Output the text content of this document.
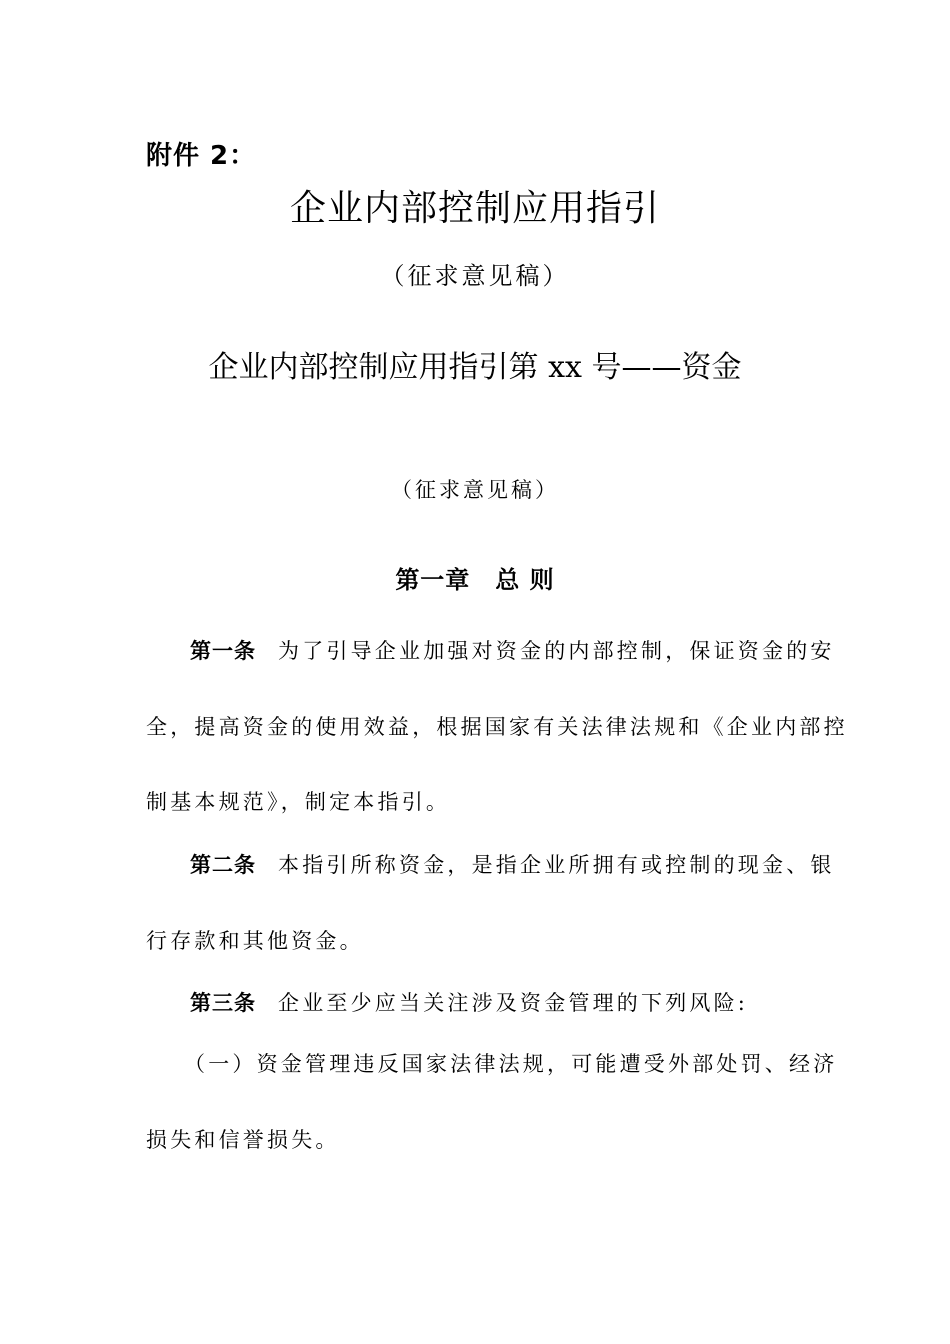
附件 2：
企业内部控制应用指引
（征求意见稿）
企业内部控制应用指引第 xx 号——资金
（征求意见稿）
第一章　总 则
第一条 为了引导企业加强对资金的内部控制，保证资金的安
全，提高资金的使用效益，根据国家有关法律法规和《企业内部控
制基本规范》，制定本指引。
第二条 本指引所称资金，是指企业所拥有或控制的现金、银
行存款和其他资金。
第三条 企业至少应当关注涉及资金管理的下列风险:
（一）资金管理违反国家法律法规，可能遭受外部处罚、经济
损失和信誉损失。
